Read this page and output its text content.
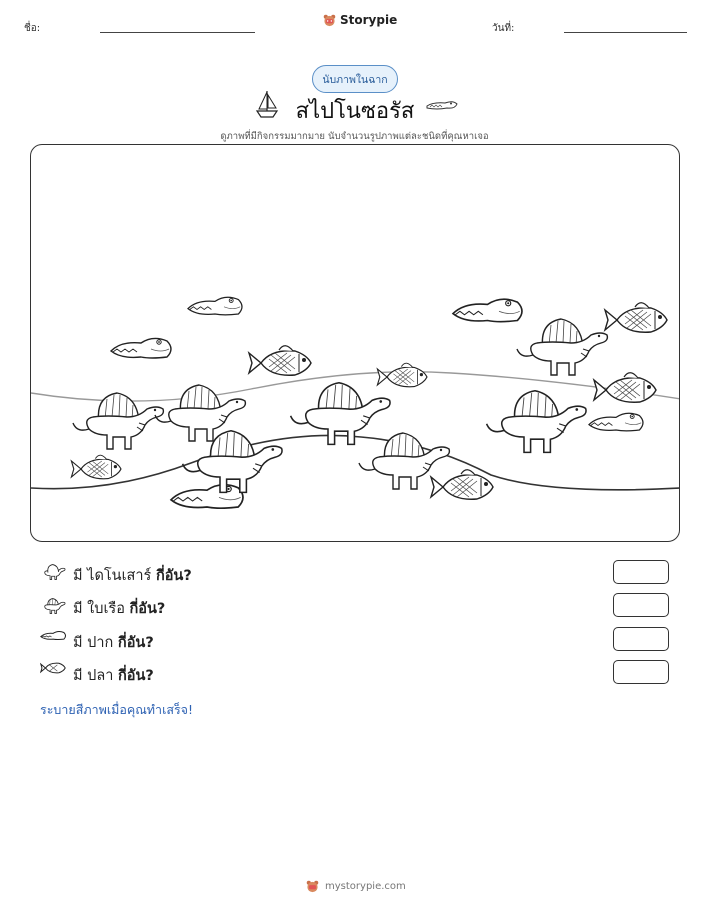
ชื่อ:
Storypie
วันที่:
นับภาพในฉาก
สไปโนซอรัส
ดูภาพที่มีกิจกรรมมากมาย นับจำนวนรูปภาพแต่ละชนิดที่คุณหาเจอ
มี ไดโนเสาร์ กี่อัน?
มี ใบเรือ กี่อัน?
มี ปาก กี่อัน?
มี ปลา กี่อัน?
ระบายสีภาพเมื่อคุณทำเสร็จ!
mystorypie.com
